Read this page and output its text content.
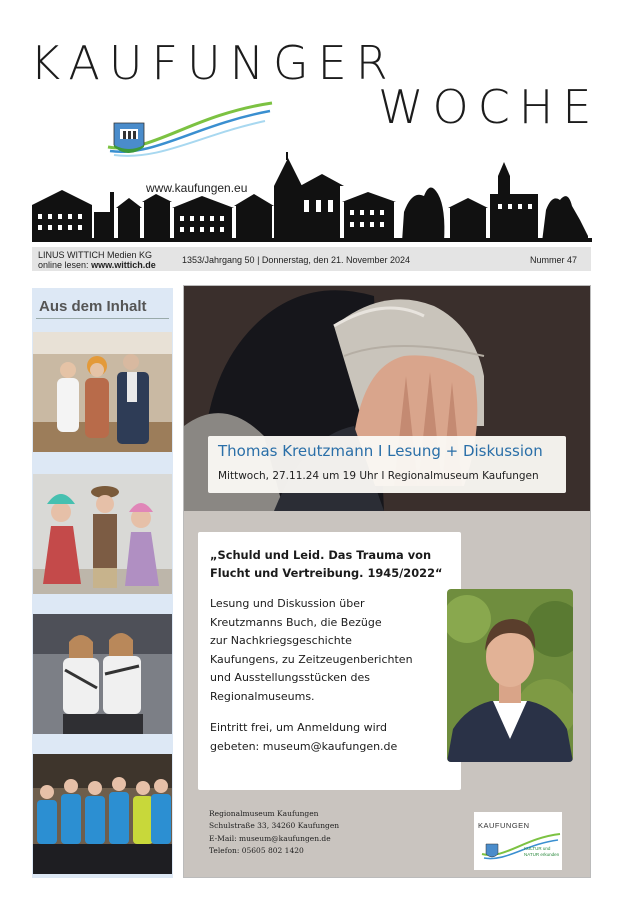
KAUFUNGER
WOCHE
www.kaufungen.eu
LINUS WITTICH Medien KG
online lesen: www.wittich.de	1353/Jahrgang 50 | Donnerstag, den 21. November 2024	Nummer 47
Aus dem Inhalt
Thomas Kreutzmann I Lesung + Diskussion
Mittwoch, 27.11.24 um 19 Uhr I Regionalmuseum Kaufungen
„Schuld und Leid. Das Trauma von
Flucht und Vertreibung. 1945/2022“
Lesung und Diskussion über
Kreutzmanns Buch, die Bezüge
zur Nachkriegsgeschichte
Kaufungens, zu Zeitzeugenberichten
und Ausstellungsstücken des
Regionalmuseums.
Eintritt frei, um Anmeldung wird
gebeten: museum@kaufungen.de
Regionalmuseum Kaufungen
Schulstraße 33, 34260 Kaufungen
E-Mail: museum@kaufungen.de
Telefon: 05605 802 1420
KAUFUNGEN
KULTUR und NATUR erkunden
